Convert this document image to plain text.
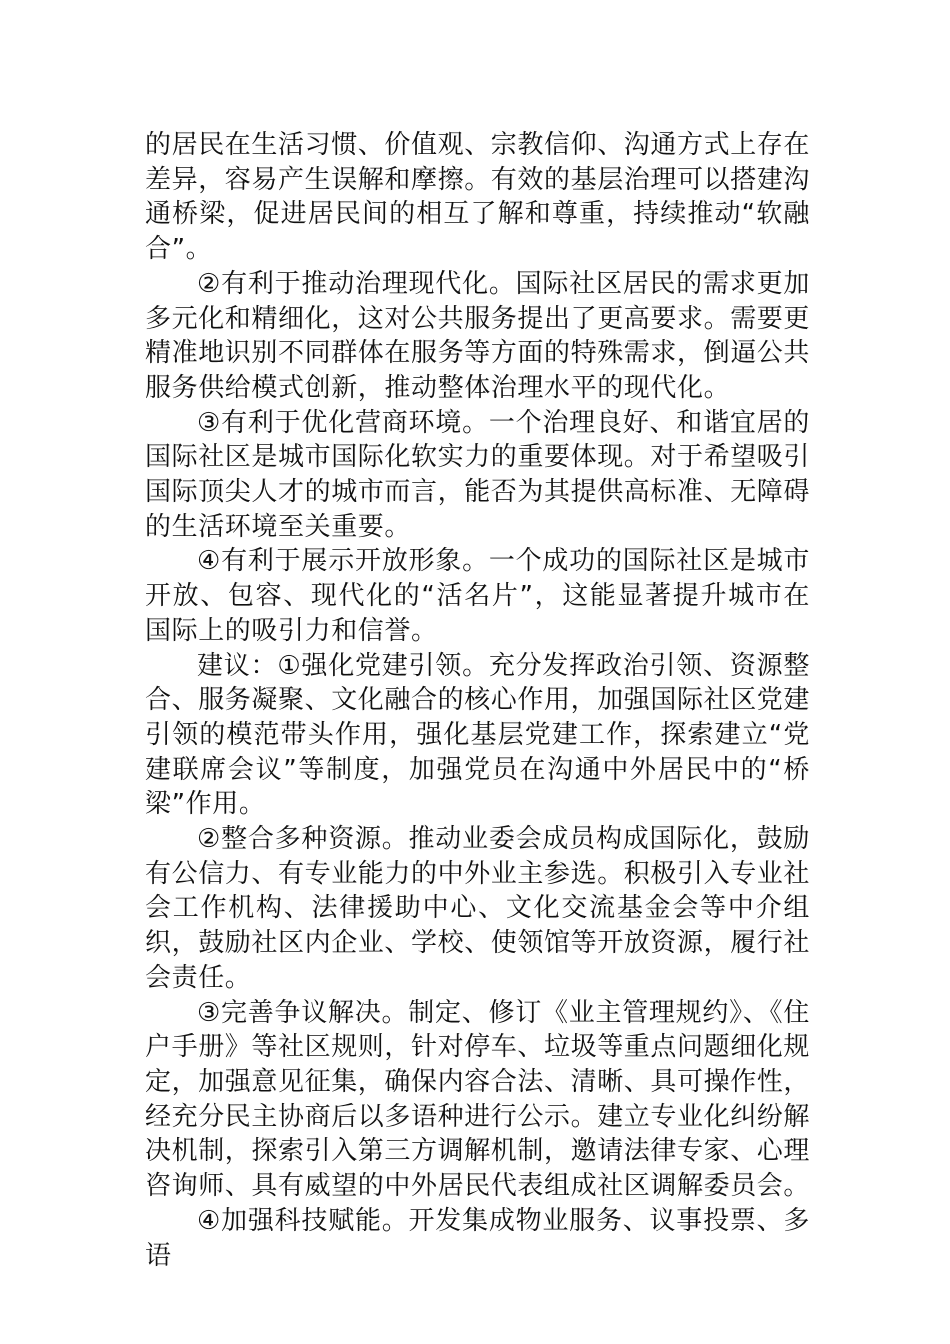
的居民在生活习惯、价值观、宗教信仰、沟通方式上存在差异，容易产生误解和摩擦。有效的基层治理可以搭建沟通桥梁，促进居民间的相互了解和尊重，持续推动“软融合”。

②有利于推动治理现代化。国际社区居民的需求更加多元化和精细化，这对公共服务提出了更高要求。需要更精准地识别不同群体在服务等方面的特殊需求，倒逼公共服务供给模式创新，推动整体治理水平的现代化。

③有利于优化营商环境。一个治理良好、和谐宜居的国际社区是城市国际化软实力的重要体现。对于希望吸引国际顶尖人才的城市而言，能否为其提供高标准、无障碍的生活环境至关重要。

④有利于展示开放形象。一个成功的国际社区是城市开放、包容、现代化的“活名片”，这能显著提升城市在国际上的吸引力和信誉。

建议：①强化党建引领。充分发挥政治引领、资源整合、服务凝聚、文化融合的核心作用，加强国际社区党建引领的模范带头作用，强化基层党建工作，探索建立“党建联席会议”等制度，加强党员在沟通中外居民中的“桥梁”作用。

②整合多种资源。推动业委会成员构成国际化，鼓励有公信力、有专业能力的中外业主参选。积极引入专业社会工作机构、法律援助中心、文化交流基金会等中介组织，鼓励社区内企业、学校、使领馆等开放资源，履行社会责任。

③完善争议解决。制定、修订《业主管理规约》、《住户手册》等社区规则，针对停车、垃圾等重点问题细化规定，加强意见征集，确保内容合法、清晰、具可操作性，经充分民主协商后以多语种进行公示。建立专业化纠纷解决机制，探索引入第三方调解机制，邀请法律专家、心理咨询师、具有威望的中外居民代表组成社区调解委员会。

④加强科技赋能。开发集成物业服务、议事投票、多语
